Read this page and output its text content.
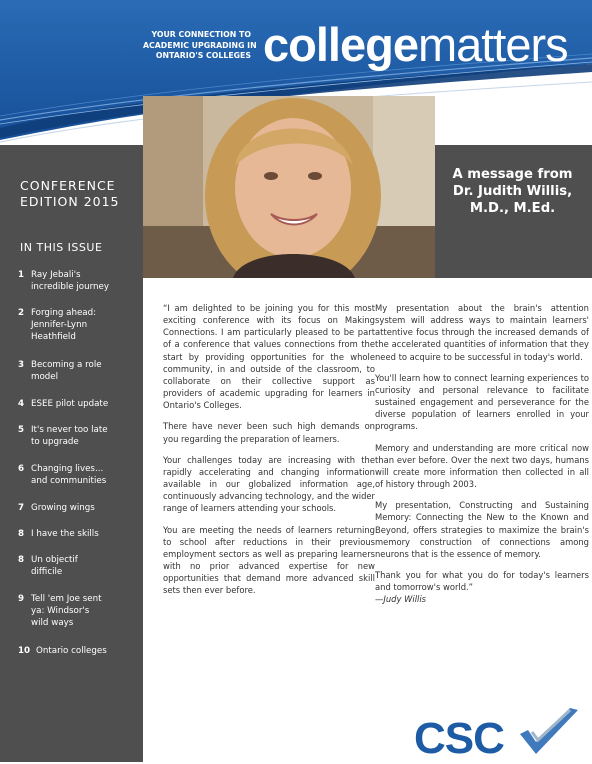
YOUR CONNECTION TO
ACADEMIC UPGRADING IN
ONTARIO'S COLLEGES collegematters
CONFERENCE
EDITION 2015
IN THIS ISSUE
1 Ray Jebali's
incredible journey
2 Forging ahead:
Jennifer-Lynn
Heathfield
3 Becoming a role
model
4 ESEE pilot update
5 It's never too late
to upgrade
6 Changing lives...
and communities
7 Growing wings
8 I have the skills
8 Un objectif
difficile
9 Tell 'em Joe sent
ya: Windsor's
wild ways
10 Ontario colleges
A message from
Dr. Judith Willis,
M.D., M.Ed.

“I am delighted to be joining you for this most exciting conference with its focus on Making Connections. I am particularly pleased to be part of a conference that values connections from the start by providing opportunities for the whole community, in and outside of the classroom, to collaborate on their collective support as providers of academic upgrading for learners in Ontario's Colleges.

There have never been such high demands on you regarding the preparation of learners.

Your challenges today are increasing with the rapidly accelerating and changing information available in our globalized information age, continuously advancing technology, and the wider range of learners attending your schools.

You are meeting the needs of learners returning to school after reductions in their previous employment sectors as well as preparing learners with no prior advanced expertise for new opportunities that demand more advanced skill sets then ever before.

My presentation about the brain's attention system will address ways to maintain learners' attentive focus through the increased demands of the accelerated quantities of information that they need to acquire to be successful in today's world.

You'll learn how to connect learning experiences to curiosity and personal relevance to facilitate sustained engagement and perseverance for the diverse population of learners enrolled in your programs.

Memory and understanding are more critical now than ever before. Over the next two days, humans will create more information then collected in all of history through 2003.

My presentation, Constructing and Sustaining Memory: Connecting the New to the Known and Beyond, offers strategies to maximize the brain's memory construction of connections among neurons that is the essence of memory.

Thank you for what you do for today's learners and tomorrow's world.”

—Judy Willis
CSC
